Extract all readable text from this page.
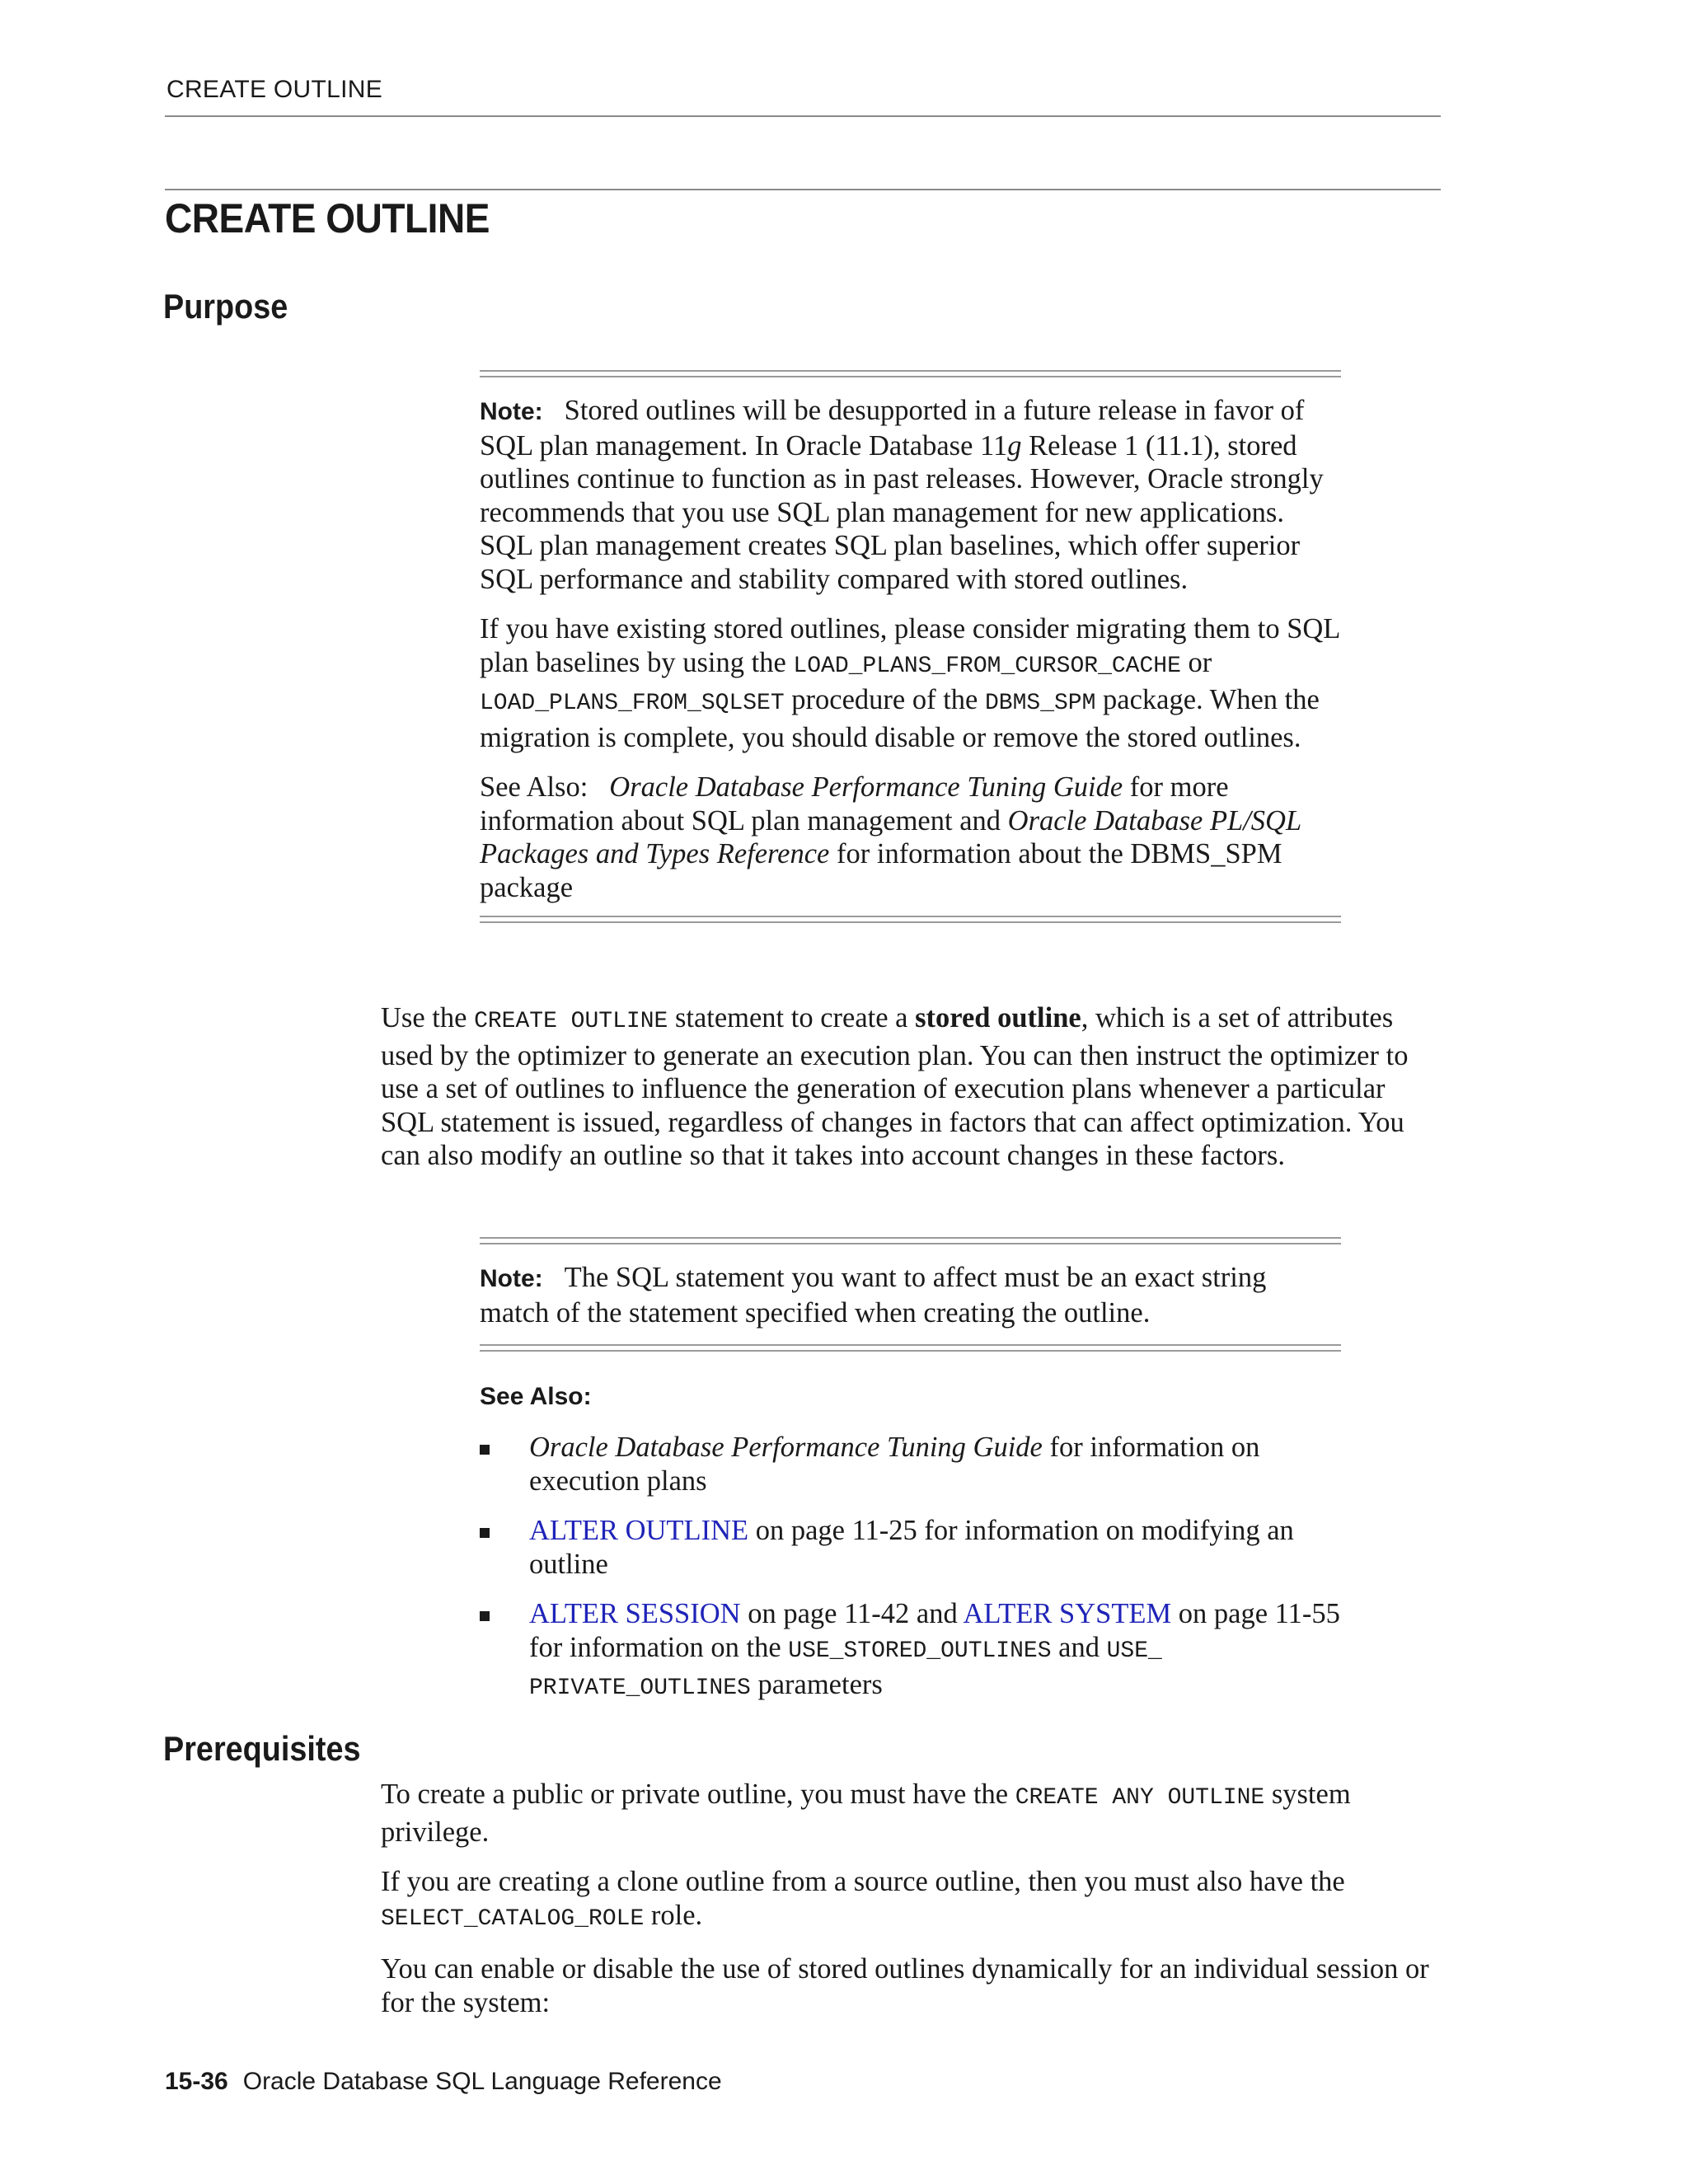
CREATE OUTLINE
CREATE OUTLINE
Purpose

Note: Stored outlines will be desupported in a future release in favor of SQL plan management. In Oracle Database 11g Release 1 (11.1), stored outlines continue to function as in past releases. However, Oracle strongly recommends that you use SQL plan management for new applications. SQL plan management creates SQL plan baselines, which offer superior SQL performance and stability compared with stored outlines.

If you have existing stored outlines, please consider migrating them to SQL plan baselines by using the LOAD_PLANS_FROM_CURSOR_CACHE or LOAD_PLANS_FROM_SQLSET procedure of the DBMS_SPM package. When the migration is complete, you should disable or remove the stored outlines.

See Also: Oracle Database Performance Tuning Guide for more information about SQL plan management and Oracle Database PL/SQL Packages and Types Reference for information about the DBMS_SPM package

Use the CREATE OUTLINE statement to create a stored outline, which is a set of attributes used by the optimizer to generate an execution plan. You can then instruct the optimizer to use a set of outlines to influence the generation of execution plans whenever a particular SQL statement is issued, regardless of changes in factors that can affect optimization. You can also modify an outline so that it takes into account changes in these factors.

Note: The SQL statement you want to affect must be an exact string match of the statement specified when creating the outline.

See Also:
Oracle Database Performance Tuning Guide for information on execution plans
ALTER OUTLINE on page 11-25 for information on modifying an outline
ALTER SESSION on page 11-42 and ALTER SYSTEM on page 11-55 for information on the USE_STORED_OUTLINES and USE_ PRIVATE_OUTLINES parameters
Prerequisites

To create a public or private outline, you must have the CREATE ANY OUTLINE system privilege.

If you are creating a clone outline from a source outline, then you must also have the SELECT_CATALOG_ROLE role.

You can enable or disable the use of stored outlines dynamically for an individual session or for the system:

15-36 Oracle Database SQL Language Reference
